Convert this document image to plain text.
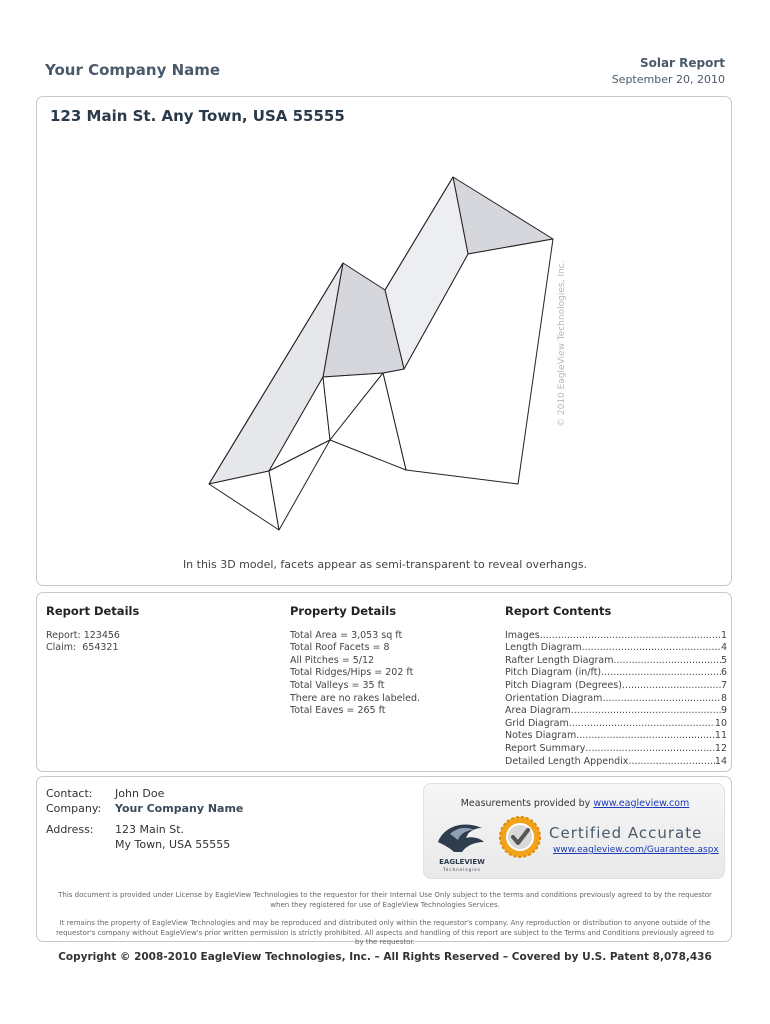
Your Company Name	Solar Report
September 20, 2010
123 Main St. Any Town, USA 55555
© 2010 EagleView Technologies, Inc.
In this 3D model, facets appear as semi-transparent to reveal overhangs.
Report Details
Report: 123456
Claim:  654321
Property Details
Total Area = 3,053 sq ft
Total Roof Facets = 8
All Pitches = 5/12
Total Ridges/Hips = 202 ft
Total Valleys = 35 ft
There are no rakes labeled.
Total Eaves = 265 ft
Report Contents
Images .....	1
Length Diagram .....	4
Rafter Length Diagram .....	5
Pitch Diagram (in/ft) .....	6
Pitch Diagram (Degrees) .....	7
Orientation Diagram .....	8
Area Diagram .....	9
Grid Diagram .....	10
Notes Diagram .....	11
Report Summary .....	12
Detailed Length Appendix .....	14
Contact:	John Doe
Company:	Your Company Name
Address:	123 Main St.
My Town, USA 55555
Measurements provided by www.eagleview.com
EAGLEVIEW
Technologies
Certified Accurate
www.eagleview.com/Guarantee.aspx
This document is provided under License by EagleView Technologies to the requestor for their Internal Use Only subject to the terms and conditions previously agreed to by the requestor when they registered for use of EagleView Technologies Services.
It remains the property of EagleView Technologies and may be reproduced and distributed only within the requestor's company. Any reproduction or distribution to anyone outside of the requestor's company without EagleView's prior written permission is strictly prohibited. All aspects and handling of this report are subject to the Terms and Conditions previously agreed to by the requestor.
Copyright © 2008-2010 EagleView Technologies, Inc. – All Rights Reserved – Covered by U.S. Patent 8,078,436
